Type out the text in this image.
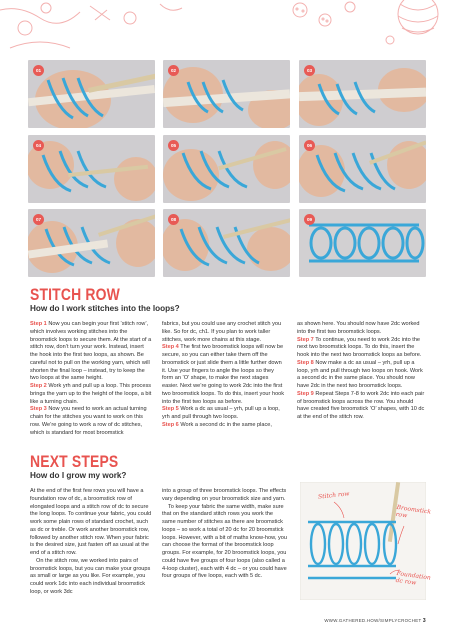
01	02	03
04	05	06
07	08	09
STITCH ROW
How do I work stitches into the loops?

Step 1 Now you can begin your first ‘stitch row’, which involves working stitches into the broomstick loops to secure them. At the start of a stitch row, don’t turn your work. Instead, insert the hook into the first two loops, as shown. Be careful not to pull on the working yarn, which will shorten the final loop – instead, try to keep the two loops at the same height.

Step 2 Work yrh and pull up a loop. This process brings the yarn up to the height of the loops, a bit like a turning chain.

Step 3 Now you need to work an actual turning chain for the stitches you want to work on this row. We’re going to work a row of dc stitches, which is standard for most broomstick

fabrics, but you could use any crochet stitch you like. So for dc, ch1. If you plan to work taller stitches, work more chains at this stage.

Step 4 The first two broomstick loops will now be secure, so you can either take them off the broomstick or just slide them a little further down it. Use your fingers to angle the loops so they form an ‘O’ shape, to make the next stages easier. Next we’re going to work 2dc into the first two broomstick loops. To do this, insert your hook into the first two loops as before.

Step 5 Work a dc as usual – yrh, pull up a loop, yrh and pull through two loops.

Step 6 Work a second dc in the same place,

as shown here. You should now have 2dc worked into the first two broomstick loops.

Step 7 To continue, you need to work 2dc into the next two broomstick loops. To do this, insert the hook into the next two broomstick loops as before.

Step 8 Now make a dc as usual – yrh, pull up a loop, yrh and pull through two loops on hook. Work a second dc in the same place. You should now have 2dc in the next two broomstick loops.

Step 9 Repeat Steps 7-8 to work 2dc into each pair of broomstick loops across the row. You should have created five broomstick ‘O’ shapes, with 10 dc at the end of the stitch row.

NEXT STEPS
How do I grow my work?

At the end of the first few rows you will have a foundation row of dc, a broomstick row of elongated loops and a stitch row of dc to secure the long loops. To continue your fabric, you could work some plain rows of standard crochet, such as dc or treble. Or work another broomstick row, followed by another stitch row. When your fabric is the desired size, just fasten off as usual at the end of a stitch row.

On the stitch row, we worked into pairs of broomstick loops, but you can make your groups as small or large as you like. For example, you could work 1dc into each individual broomstick loop, or work 3dc

into a group of three broomstick loops. The effects vary depending on your broomstick size and yarn.

To keep your fabric the same width, make sure that on the standard stitch rows you work the same number of stitches as there are broomstick loops – so work a total of 20 dc for 20 broomstick loops. However, with a bit of maths know-how, you can choose the format of the broomstick loop groups. For example, for 20 broomstick loops, you could have five groups of four loops (also called a 4-loop cluster), each with 4 dc – or you could have four groups of five loops, each with 5 dc.

Stitch row
Broomstick row
Foundation dc row
WWW.GATHERED.HOW/SIMPLYCROCHET 3
